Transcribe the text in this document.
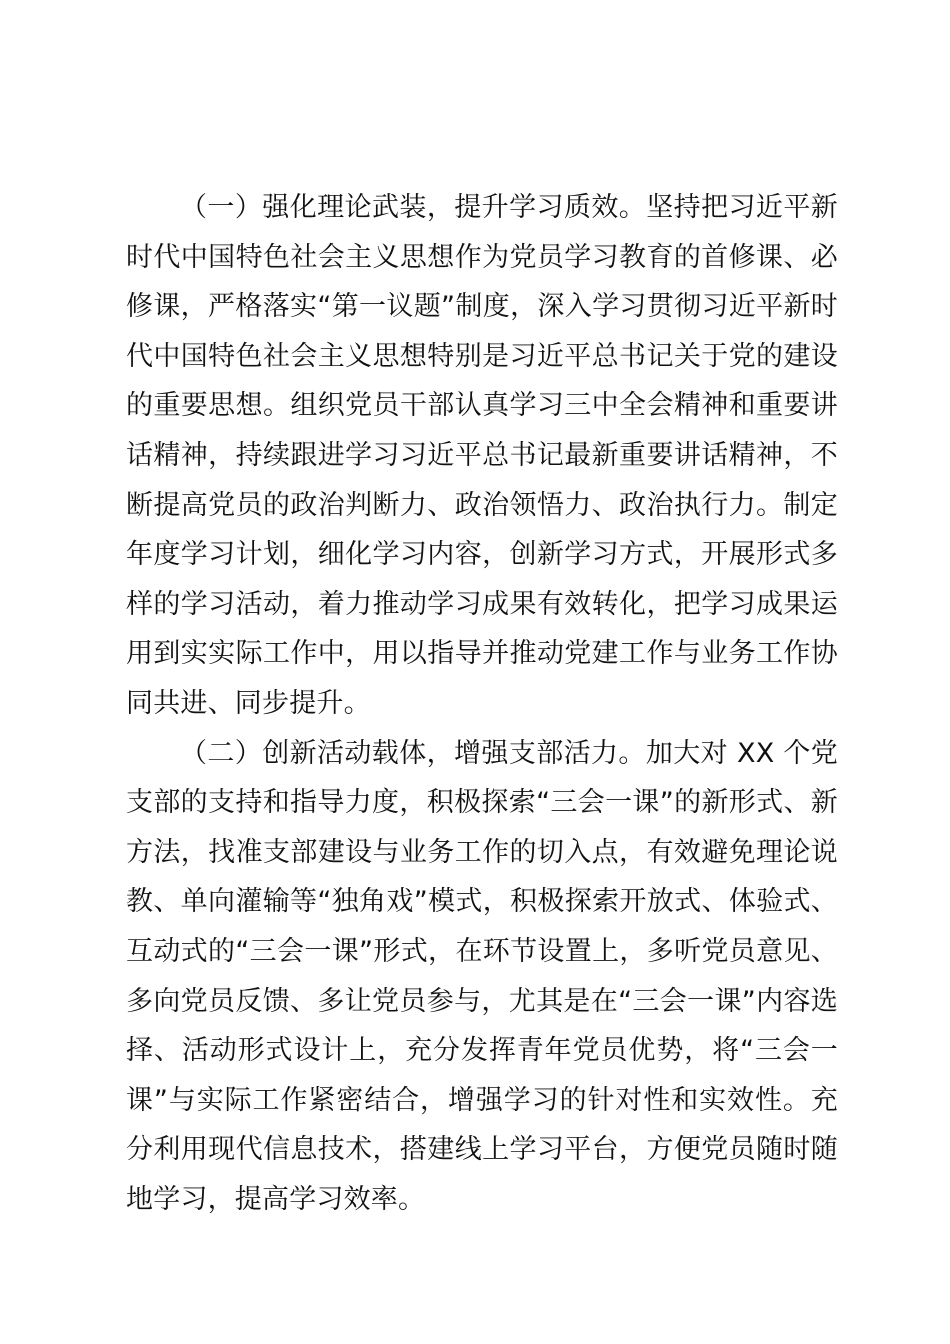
（一）强化理论武装，提升学习质效。坚持把习近平新时代中国特色社会主义思想作为党员学习教育的首修课、必修课，严格落实“第一议题”制度，深入学习贯彻习近平新时代中国特色社会主义思想特别是习近平总书记关于党的建设的重要思想。组织党员干部认真学习三中全会精神和重要讲话精神，持续跟进学习习近平总书记最新重要讲话精神，不断提高党员的政治判断力、政治领悟力、政治执行力。制定年度学习计划，细化学习内容，创新学习方式，开展形式多样的学习活动，着力推动学习成果有效转化，把学习成果运用到实实际工作中，用以指导并推动党建工作与业务工作协同共进、同步提升。

（二）创新活动载体，增强支部活力。加大对 XX 个党支部的支持和指导力度，积极探索“三会一课”的新形式、新方法，找准支部建设与业务工作的切入点，有效避免理论说教、单向灌输等“独角戏”模式，积极探索开放式、体验式、互动式的“三会一课”形式，在环节设置上，多听党员意见、多向党员反馈、多让党员参与，尤其是在“三会一课”内容选择、活动形式设计上，充分发挥青年党员优势，将“三会一课”与实际工作紧密结合，增强学习的针对性和实效性。充分利用现代信息技术，搭建线上学习平台，方便党员随时随地学习，提高学习效率。
